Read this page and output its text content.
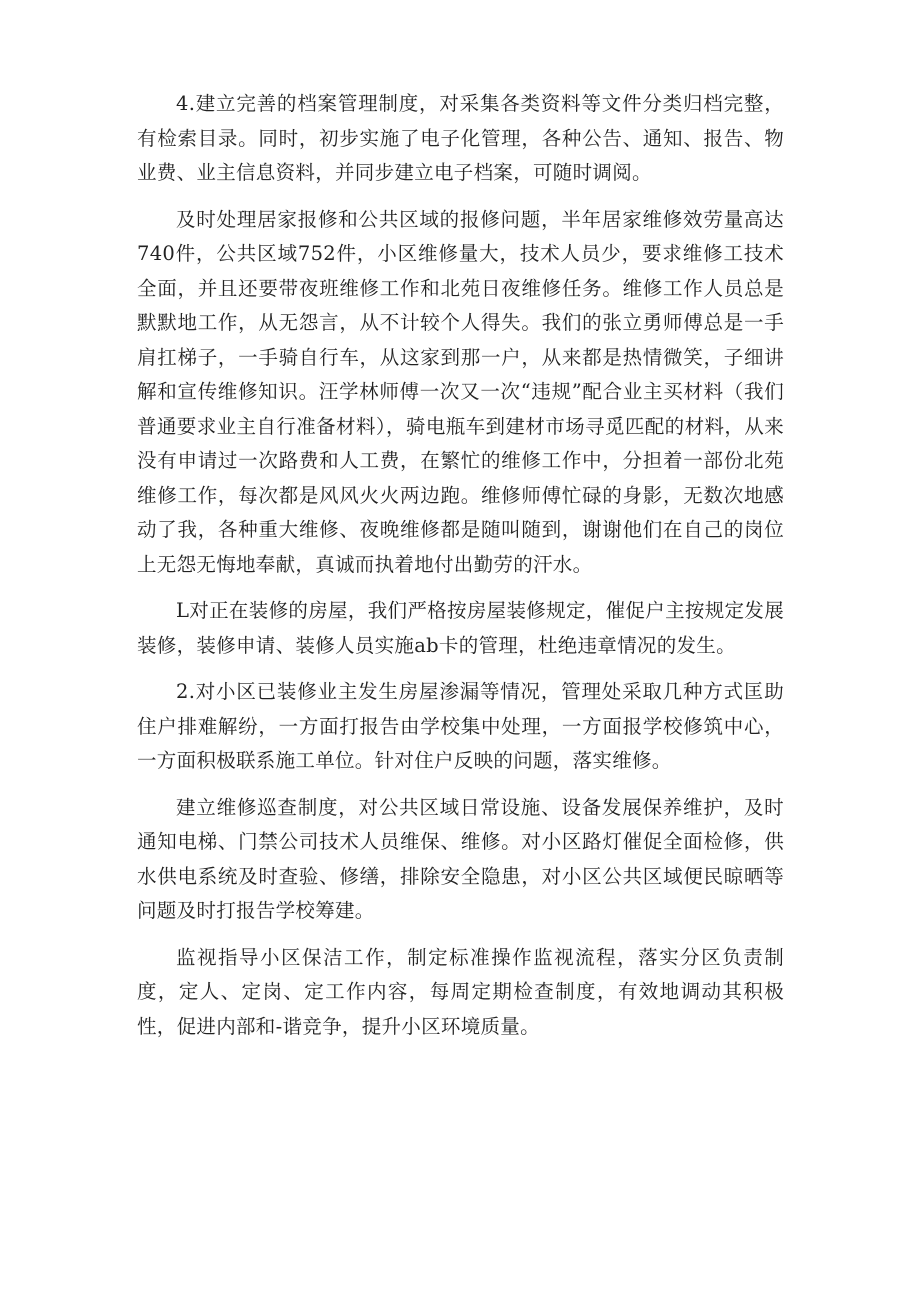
4.建立完善的档案管理制度，对采集各类资料等文件分类归档完整，有检索目录。同时，初步实施了电子化管理，各种公告、通知、报告、物业费、业主信息资料，并同步建立电子档案，可随时调阅。

及时处理居家报修和公共区域的报修问题，半年居家维修效劳量高达740件，公共区域752件，小区维修量大，技术人员少，要求维修工技术全面，并且还要带夜班维修工作和北苑日夜维修任务。维修工作人员总是默默地工作，从无怨言，从不计较个人得失。我们的张立勇师傅总是一手肩扛梯子，一手骑自行车，从这家到那一户，从来都是热情微笑，子细讲解和宣传维修知识。汪学林师傅一次又一次“违规”配合业主买材料（我们普通要求业主自行准备材料），骑电瓶车到建材市场寻觅匹配的材料，从来没有申请过一次路费和人工费，在繁忙的维修工作中，分担着一部份北苑维修工作，每次都是风风火火两边跑。维修师傅忙碌的身影，无数次地感动了我，各种重大维修、夜晚维修都是随叫随到，谢谢他们在自己的岗位上无怨无悔地奉献，真诚而执着地付出勤劳的汗水。

L对正在装修的房屋，我们严格按房屋装修规定，催促户主按规定发展装修，装修申请、装修人员实施ab卡的管理，杜绝违章情况的发生。

2.对小区已装修业主发生房屋渗漏等情况，管理处采取几种方式匡助住户排难解纷，一方面打报告由学校集中处理，一方面报学校修筑中心，一方面积极联系施工单位。针对住户反映的问题，落实维修。

建立维修巡查制度，对公共区域日常设施、设备发展保养维护，及时通知电梯、门禁公司技术人员维保、维修。对小区路灯催促全面检修，供水供电系统及时查验、修缮，排除安全隐患，对小区公共区域便民晾晒等问题及时打报告学校筹建。

监视指导小区保洁工作，制定标准操作监视流程，落实分区负责制度，定人、定岗、定工作内容，每周定期检查制度，有效地调动其积极性，促进内部和-谐竞争，提升小区环境质量。
